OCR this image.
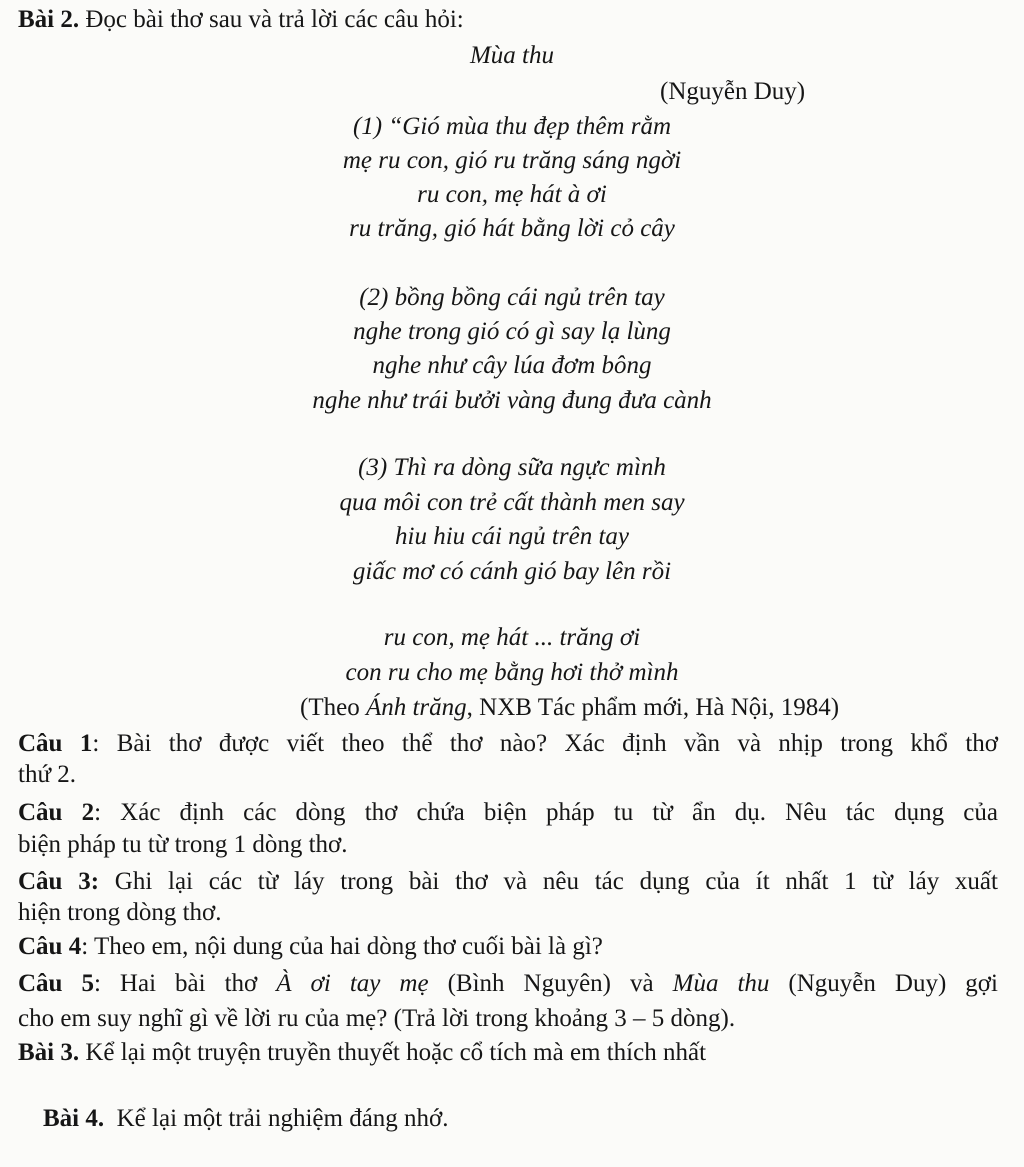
Bài 2. Đọc bài thơ sau và trả lời các câu hỏi:
Mùa thu
(Nguyễn Duy)
(1) “Gió mùa thu đẹp thêm rằm
mẹ ru con, gió ru trăng sáng ngời
ru con, mẹ hát à ơi
ru trăng, gió hát bằng lời cỏ cây
(2) bồng bồng cái ngủ trên tay
nghe trong gió có gì say lạ lùng
nghe như cây lúa đơm bông
nghe như trái bưởi vàng đung đưa cành
(3) Thì ra dòng sữa ngực mình
qua môi con trẻ cất thành men say
hiu hiu cái ngủ trên tay
giấc mơ có cánh gió bay lên rồi
ru con, mẹ hát ... trăng ơi
con ru cho mẹ bằng hơi thở mình
(Theo Ánh trăng, NXB Tác phẩm mới, Hà Nội, 1984)
Câu 1: Bài thơ được viết theo thể thơ nào? Xác định vần và nhịp trong khổ thơ
thứ 2.
Câu 2: Xác định các dòng thơ chứa biện pháp tu từ ẩn dụ. Nêu tác dụng của
biện pháp tu từ trong 1 dòng thơ.
Câu 3: Ghi lại các từ láy trong bài thơ và nêu tác dụng của ít nhất 1 từ láy xuất
hiện trong dòng thơ.
Câu 4: Theo em, nội dung của hai dòng thơ cuối bài là gì?
Câu 5: Hai bài thơ À ơi tay mẹ (Bình Nguyên) và Mùa thu (Nguyễn Duy) gợi
cho em suy nghĩ gì về lời ru của mẹ? (Trả lời trong khoảng 3 – 5 dòng).
Bài 3. Kể lại một truyện truyền thuyết hoặc cổ tích mà em thích nhất

Bài 4.  Kể lại một trải nghiệm đáng nhớ.
